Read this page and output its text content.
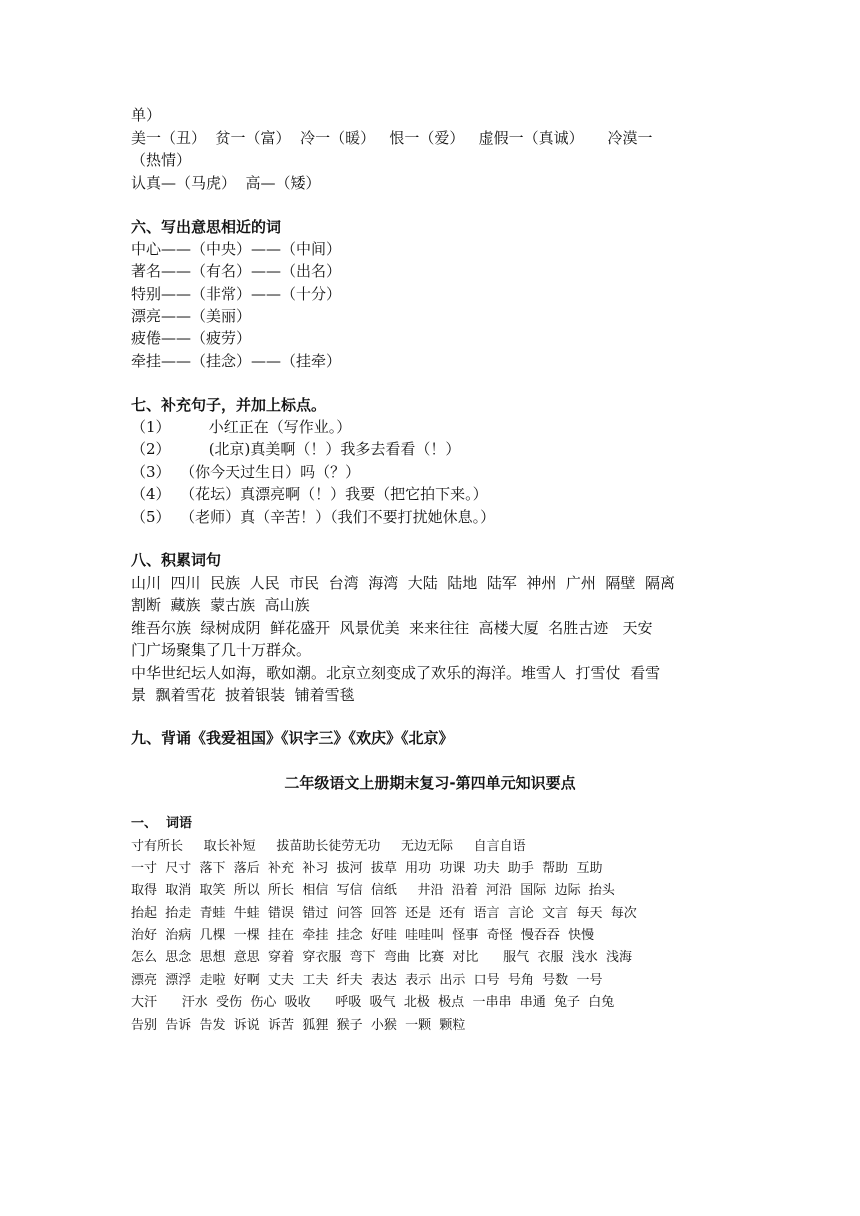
单）
美一（丑）  贫一（富）  冷一（暖）   恨一（爱）   虚假一（真诚）     冷漠一
（热情）
认真—（马虎）  高—（矮）
六、写出意思相近的词
中心——（中央）——（中间）
著名——（有名）——（出名）
特别——（非常）——（十分）
漂亮——（美丽）
疲倦——（疲劳）
牵挂——（挂念）——（挂牵）
七、补充句子，并加上标点。
（1）        小红正在（写作业。）
（2）        (北京)真美啊（！）我多去看看（！）
（3）  （你今天过生日）吗（？）
（4）  （花坛）真漂亮啊（！）我要（把它拍下来。）
（5）  （老师）真（辛苦！）（我们不要打扰她休息。）
八、积累词句
山川  四川  民族  人民  市民  台湾  海湾  大陆  陆地  陆军  神州  广州  隔壁  隔离
割断  藏族  蒙古族  高山族
维吾尔族  绿树成阴  鲜花盛开  风景优美  来来往往  高楼大厦  名胜古迹   天安
门广场聚集了几十万群众。
中华世纪坛人如海，歌如潮。北京立刻变成了欢乐的海洋。堆雪人  打雪仗  看雪
景  飘着雪花  披着银装  铺着雪毯
九、背诵《我爱祖国》《识字三》《欢庆》《北京》
二年级语文上册期末复习-第四单元知识要点
一、  词语
寸有所长     取长补短     拔苗助长徒劳无功     无边无际     自言自语
一寸  尺寸  落下  落后  补充  补习  拔河  拔草  用功  功课  功夫  助手  帮助  互助
取得  取消  取笑  所以  所长  相信  写信  信纸     井沿  沿着  河沿  国际  边际  抬头
抬起  抬走  青蛙  牛蛙  错误  错过  问答  回答  还是  还有  语言  言论  文言  每天  每次
治好  治病  几棵  一棵  挂在  牵挂  挂念  好哇  哇哇叫  怪事  奇怪  慢吞吞  快慢
怎么  思念  思想  意思  穿着  穿衣服  弯下  弯曲  比赛  对比      服气  衣服  浅水  浅海
漂亮  漂浮  走啦  好啊  丈夫  工夫  纤夫  表达  表示  出示  口号  号角  号数  一号
大汗      汗水  受伤  伤心  吸收      呼吸  吸气  北极  极点  一串串  串通  兔子  白兔
告别  告诉  告发  诉说  诉苦  狐狸  猴子  小猴  一颗  颗粒
